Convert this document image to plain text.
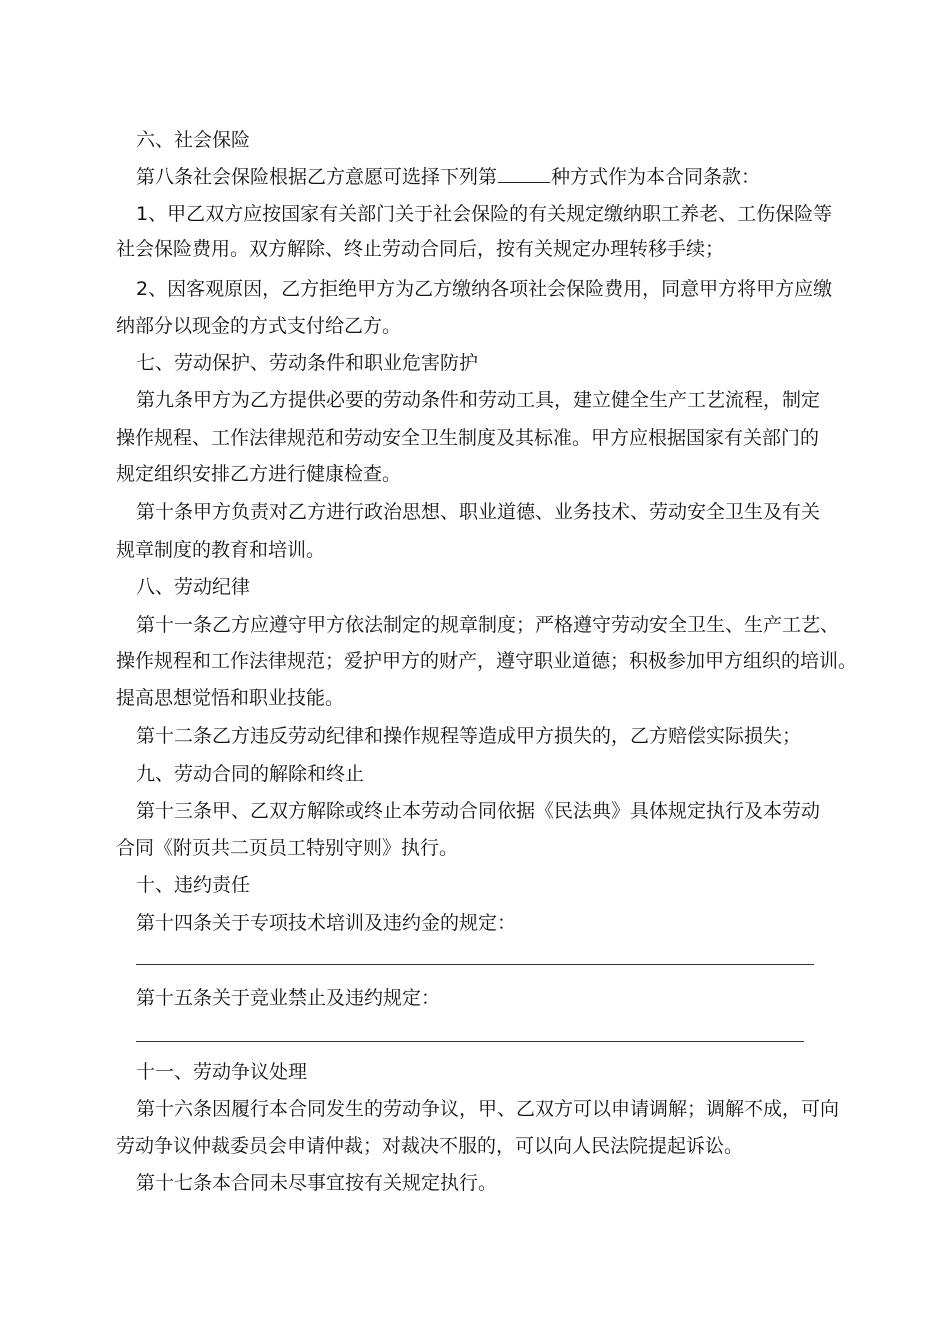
六、社会保险

第八条社会保险根据乙方意愿可选择下列第	种方式作为本合同条款：

1、甲乙双方应按国家有关部门关于社会保险的有关规定缴纳职工养老、工伤保险等

社会保险费用。双方解除、终止劳动合同后，按有关规定办理转移手续；

2、因客观原因，乙方拒绝甲方为乙方缴纳各项社会保险费用，同意甲方将甲方应缴

纳部分以现金的方式支付给乙方。

七、劳动保护、劳动条件和职业危害防护

第九条甲方为乙方提供必要的劳动条件和劳动工具，建立健全生产工艺流程，制定

操作规程、工作法律规范和劳动安全卫生制度及其标准。甲方应根据国家有关部门的

规定组织安排乙方进行健康检查。

第十条甲方负责对乙方进行政治思想、职业道德、业务技术、劳动安全卫生及有关

规章制度的教育和培训。

八、劳动纪律

第十一条乙方应遵守甲方依法制定的规章制度；严格遵守劳动安全卫生、生产工艺、

操作规程和工作法律规范；爱护甲方的财产，遵守职业道德；积极参加甲方组织的培训。

提高思想觉悟和职业技能。

第十二条乙方违反劳动纪律和操作规程等造成甲方损失的，乙方赔偿实际损失；

九、劳动合同的解除和终止

第十三条甲、乙双方解除或终止本劳动合同依据《民法典》具体规定执行及本劳动

合同《附页共二页员工特别守则》执行。

十、违约责任

第十四条关于专项技术培训及违约金的规定：

第十五条关于竞业禁止及违约规定：

十一、劳动争议处理

第十六条因履行本合同发生的劳动争议，甲、乙双方可以申请调解；调解不成，可向

劳动争议仲裁委员会申请仲裁；对裁决不服的，可以向人民法院提起诉讼。

第十七条本合同未尽事宜按有关规定执行。
